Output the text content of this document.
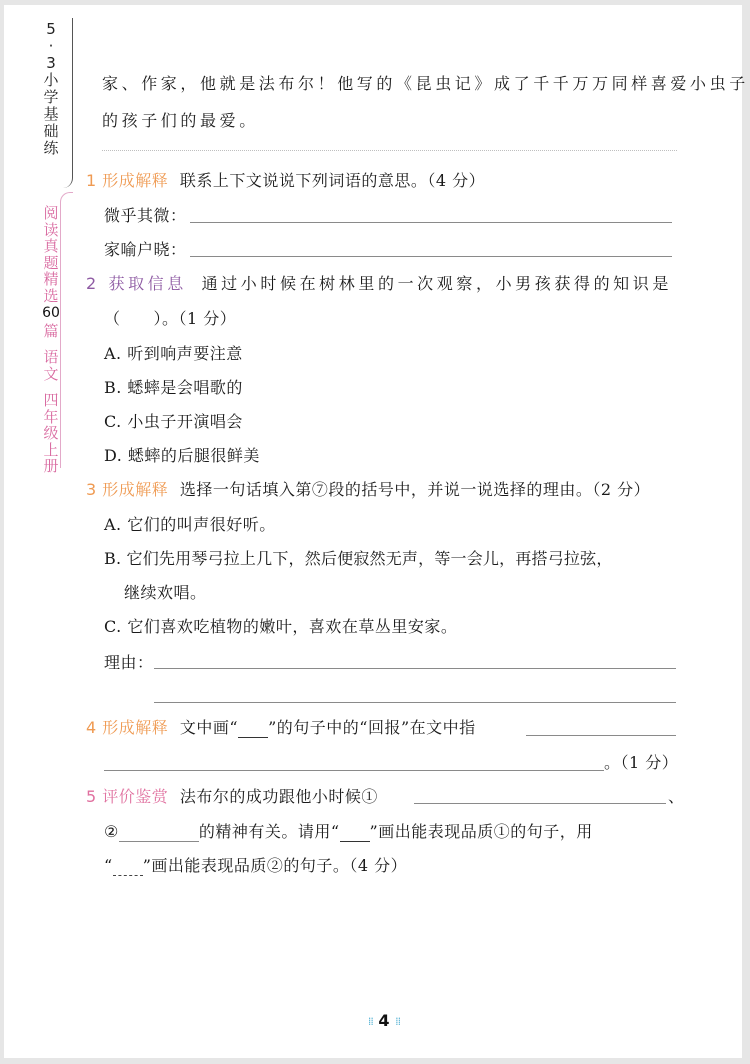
5
·
3
小
学
基
础
练
阅
读
真
题
精
选
60
篇
语
文
四
年
级
上
册
家、作家，他就是法布尔！他写的《昆虫记》成了千千万万同样喜爱小虫子
的孩子们的最爱。
1 形成解释 联系上下文说说下列词语的意思。（4 分）
微乎其微：
家喻户晓：
2 获取信息 通过小时候在树林里的一次观察，小男孩获得的知识是
（　　）。（1 分）
A. 听到响声要注意
B. 蟋蟀是会唱歌的
C. 小虫子开演唱会
D. 蟋蟀的后腿很鲜美
3 形成解释 选择一句话填入第⑦段的括号中，并说一说选择的理由。（2 分）
A. 它们的叫声很好听。
B. 它们先用琴弓拉上几下，然后便寂然无声，等一会儿，再搭弓拉弦，
继续欢唱。
C. 它们喜欢吃植物的嫩叶，喜欢在草丛里安家。
理由：
4 形成解释 文中画“ ”的句子中的“回报”在文中指
。（1 分）
5 评价鉴赏 法布尔的成功跟他小时候①	、
②	的精神有关。请用“ ”画出能表现品质①的句子，用
“ ”画出能表现品质②的句子。（4 分）
⁞⁞ 4 ⁞⁞
